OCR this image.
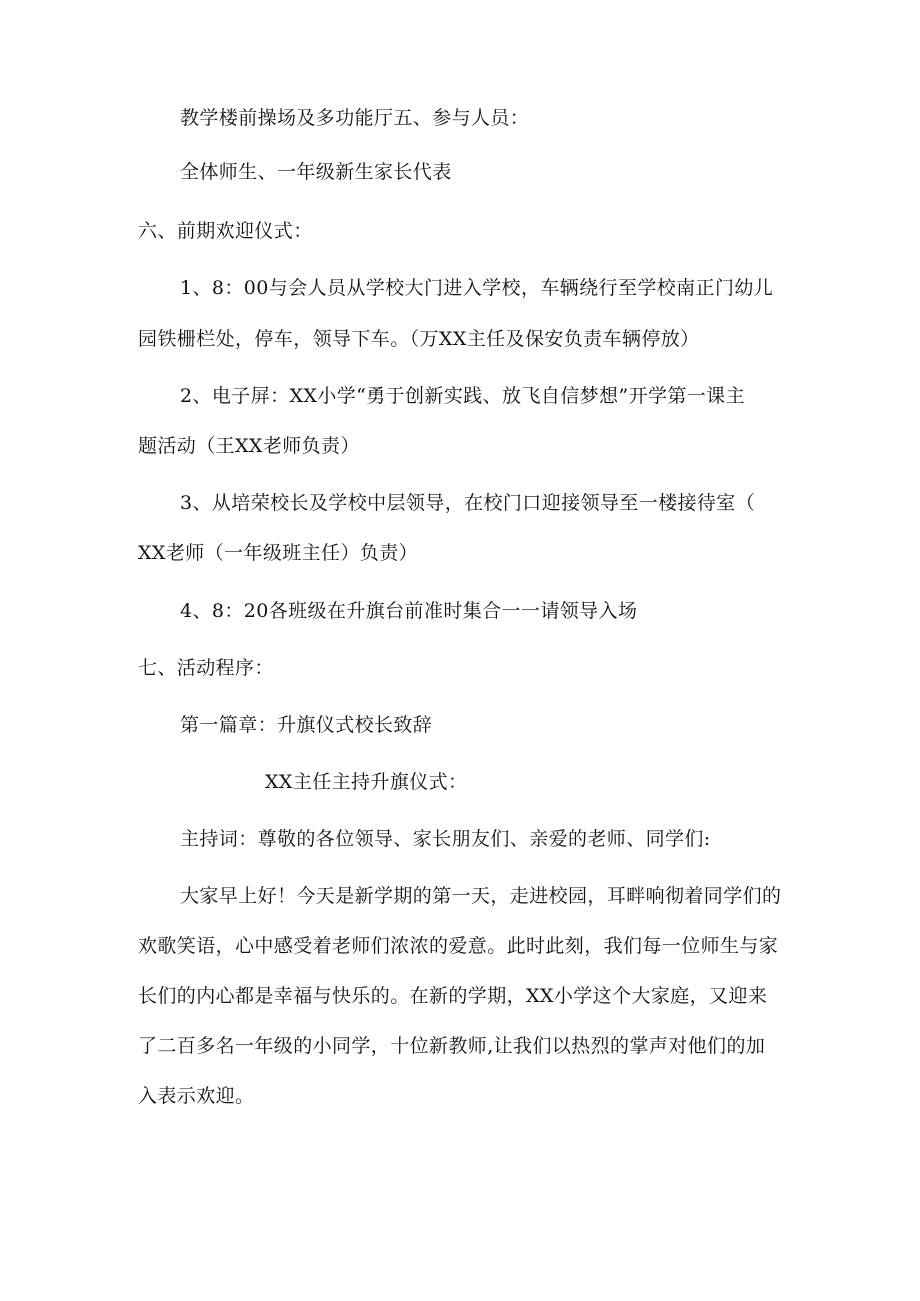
教学楼前操场及多功能厅五、参与人员：
全体师生、一年级新生家长代表
六、前期欢迎仪式：
1、8：00与会人员从学校大门进入学校，车辆绕行至学校南正门幼儿
园铁栅栏处，停车，领导下车。（万XX主任及保安负责车辆停放）
2、电子屏：XX小学“勇于创新实践、放飞自信梦想”开学第一课主
题活动（王XX老师负责）
3、从培荣校长及学校中层领导，在校门口迎接领导至一楼接待室（
XX老师（一年级班主任）负责）
4、8：20各班级在升旗台前准时集合一一请领导入场
七、活动程序：
第一篇章：升旗仪式校长致辞
XX主任主持升旗仪式：
主持词：尊敬的各位领导、家长朋友们、亲爱的老师、同学们:
大家早上好！今天是新学期的第一天，走进校园，耳畔响彻着同学们的
欢歌笑语，心中感受着老师们浓浓的爱意。此时此刻，我们每一位师生与家
长们的内心都是幸福与快乐的。在新的学期，XX小学这个大家庭，又迎来
了二百多名一年级的小同学，十位新教师,让我们以热烈的掌声对他们的加
入表示欢迎。
